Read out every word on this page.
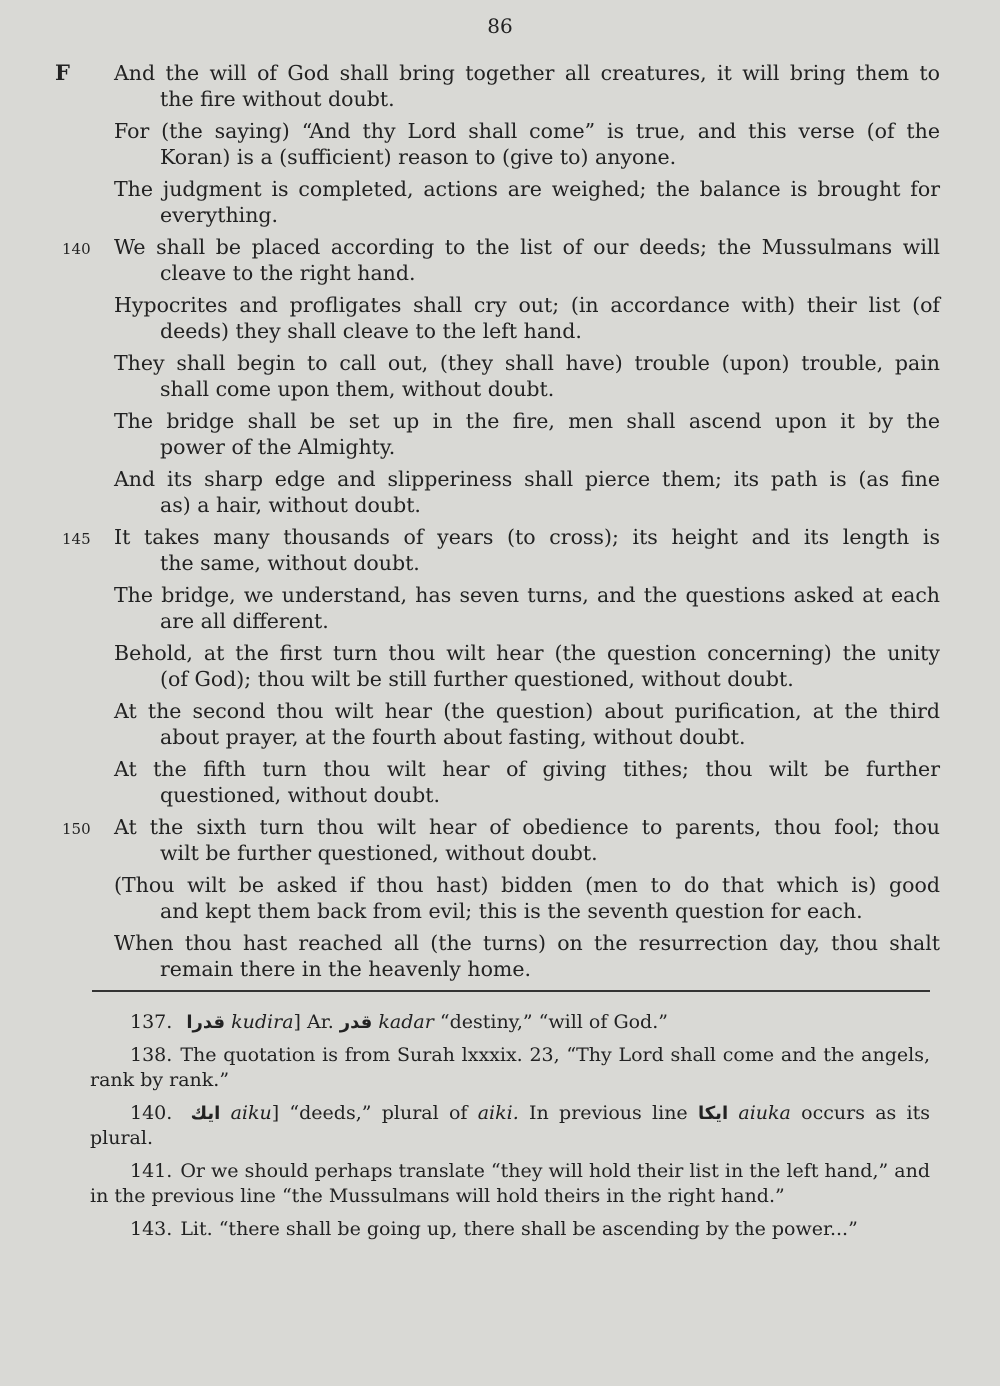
86
F And the will of God shall bring together all creatures, it will bring them to
the fire without doubt.
For (the saying) “And thy Lord shall come” is true, and this verse (of the
Koran) is a (sufficient) reason to (give to) anyone.
The judgment is completed, actions are weighed; the balance is brought for
everything.
140 We shall be placed according to the list of our deeds; the Mussulmans will
cleave to the right hand.
Hypocrites and profligates shall cry out; (in accordance with) their list (of
deeds) they shall cleave to the left hand.
They shall begin to call out, (they shall have) trouble (upon) trouble, pain
shall come upon them, without doubt.
The bridge shall be set up in the fire, men shall ascend upon it by the
power of the Almighty.
And its sharp edge and slipperiness shall pierce them; its path is (as fine
as) a hair, without doubt.
145 It takes many thousands of years (to cross); its height and its length is
the same, without doubt.
The bridge, we understand, has seven turns, and the questions asked at each
are all different.
Behold, at the first turn thou wilt hear (the question concerning) the unity
(of God); thou wilt be still further questioned, without doubt.
At the second thou wilt hear (the question) about purification, at the third
about prayer, at the fourth about fasting, without doubt.
At the fifth turn thou wilt hear of giving tithes; thou wilt be further
questioned, without doubt.
150 At the sixth turn thou wilt hear of obedience to parents, thou fool; thou
wilt be further questioned, without doubt.
(Thou wilt be asked if thou hast) bidden (men to do that which is) good
and kept them back from evil; this is the seventh question for each.
When thou hast reached all (the turns) on the resurrection day, thou shalt
remain there in the heavenly home.
137. قدرا kudira] Ar. قدر kadar “destiny,” “will of God.”
138. The quotation is from Surah lxxxix. 23, “Thy Lord shall come and the angels, rank by rank.”
140. ایك aiku] “deeds,” plural of aiki. In previous line ایکا aiuka occurs as its plural.
141. Or we should perhaps translate “they will hold their list in the left hand,” and in the previous line “the Mussulmans will hold theirs in the right hand.”
143. Lit. “there shall be going up, there shall be ascending by the power...”
